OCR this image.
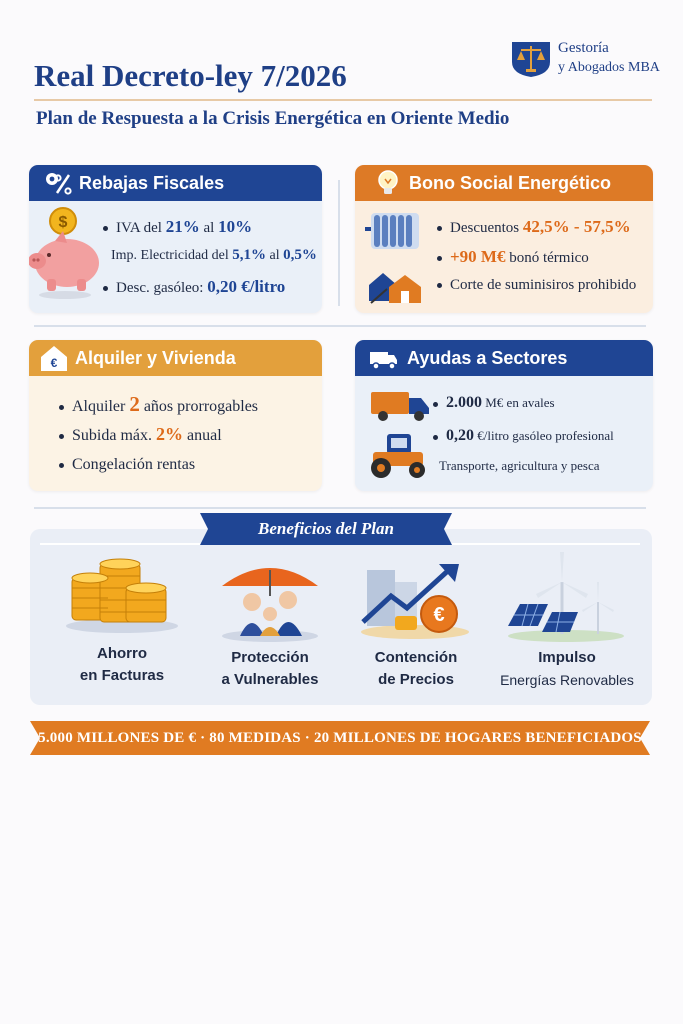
Real Decreto-ley 7/2026
Plan de Respuesta a la Crisis Energética en Oriente Medio
Gestoría
y Abogados MBA
Rebajas Fiscales
$	IVA del 21% al 10%
Imp. Electricidad del 5,1% al 0,5%
Desc. gasóleo: 0,20 €/litro
Bono Social Energético
Descuentos 42,5% - 57,5%
+90 M€ bonó térmico
Corte de suminisiros prohibido
€ Alquiler y Vivienda
Alquiler 2 años prorrogables
Subida máx. 2% anual
Congelación rentas
Ayudas a Sectores
2.000 M€ en avales
0,20 €/litro gasóleo profesional
Transporte, agricultura y pesca
Beneficios del Plan
€
Ahorro
en Facturas
Protección
a Vulnerables
Contención
de Precios
Impulso
Energías Renovables
5.000 MILLONES DE € · 80 MEDIDAS · 20 MILLONES DE HOGARES BENEFICIADOS
